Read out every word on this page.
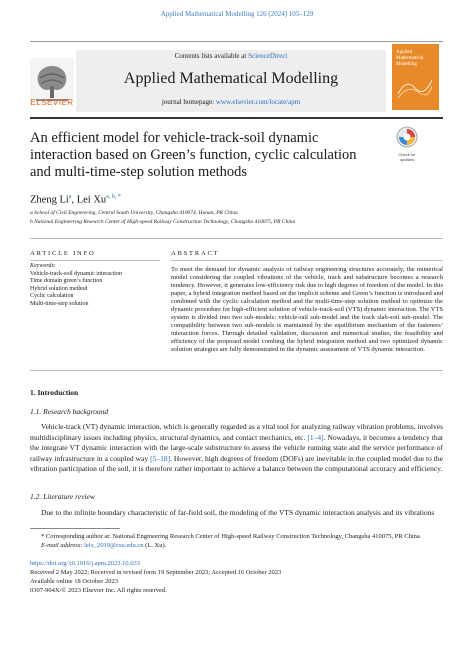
Applied Mathematical Modelling 126 (2024) 105–129
ELSEVIER
Contents lists available at ScienceDirect
Applied Mathematical Modelling
journal homepage: www.elsevier.com/locate/apm
Applied Mathematical Modelling
An efficient model for vehicle-track-soil dynamic interaction based on Green’s function, cyclic calculation and multi-time-step solution methods
Check for updates
Zheng Li$^a$, Lei $Xu^{a, b, *}$
a School of Civil Engineering, Central South University, Changsha 410074, Hunan, PR China
b National Engineering Research Center of High-speed Railway Construction Technology, Changsha 410075, PR China
ARTICLE INFO
Keywords:
Vehicle-track-soil dynamic interaction
Time domain green’s function
Hybrid solution method
Cyclic calculation
Multi-time-step solution
ABSTRACT
To meet the demand for dynamic analysis of railway engineering structures accurately, the numerical model considering the coupled vibrations of the vehicle, track and substructure becomes a research tendency. However, it generates low-efficiency risk due to high degrees of freedom of the model. In this paper, a hybrid integration method based on the implicit scheme and Green’s function is introduced and combined with the cyclic calculation method and the multi-time-step solution method to optimize the dynamic procedure for high-efficient solution of vehicle-track-soil (VTS) dynamic interaction. The VTS system is divided into two sub-models: vehicle-rail sub-model and the track slab-soil sub-model. The compatibility between two sub-models is maintained by the equilibrium mechanism of the fasteners’ interaction forces. Through detailed validation, discussion and numerical studies, the feasibility and efficiency of the proposed model combing the hybrid integration method and two optimized dynamic solution strategies are fully demonstrated in the dynamic assessment of VTS dynamic interaction.
1. Introduction
1.1. Research background
Vehicle-track (VT) dynamic interaction, which is generally regarded as a vital tool for analyzing railway vibration problems, involves multidisciplinary issues including physics, structural dynamics, and contact mechanics, etc. [1–4]. Nowadays, it becomes a tendency that the integrate VT dynamic interaction with the large-scale substructure to assess the vehicle running state and the service performance of railway infrastructure in a coupled way [5–18]. However, high degrees of freedom (DOFs) are inevitable in the coupled model due to the vibration participation of the soil, it is therefore rather important to achieve a balance between the computational accuracy and efficiency.
1.2. Literature review
Due to the infinite boundary characteristic of far-field soil, the modeling of the VTS dynamic interaction analysis and its vibrations
* Corresponding author at: National Engineering Research Center of High-speed Railway Construction Technology, Changsha 410075, PR China.
E-mail address: leix_2019@csu.edu.cn (L. Xu).
https://doi.org/10.1016/j.apm.2023.10.033
Received 2 May 2022; Received in revised form 19 September 2023; Accepted 16 October 2023
Available online 18 October 2023
0307-904X/© 2023 Elsevier Inc. All rights reserved.
